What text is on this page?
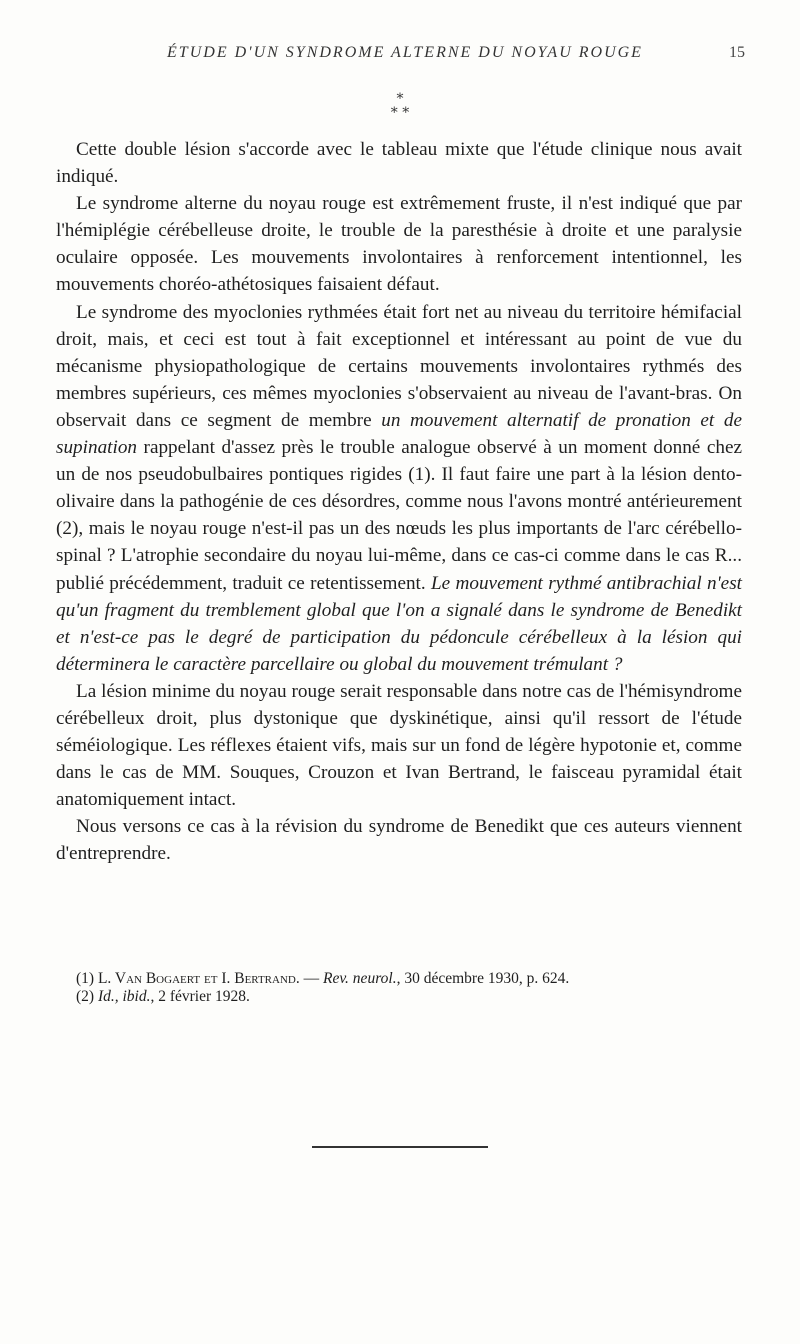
ÉTUDE D'UN SYNDROME ALTERNE DU NOYAU ROUGE	15
*
* *

Cette double lésion s'accorde avec le tableau mixte que l'étude clinique nous avait indiqué.

Le syndrome alterne du noyau rouge est extrêmement fruste, il n'est indiqué que par l'hémiplégie cérébelleuse droite, le trouble de la paresthésie à droite et une paralysie oculaire opposée. Les mouvements involontaires à renforcement intentionnel, les mouvements choréo-athétosiques faisaient défaut.

Le syndrome des myoclonies rythmées était fort net au niveau du territoire hémifacial droit, mais, et ceci est tout à fait exceptionnel et intéressant au point de vue du mécanisme physiopathologique de certains mouvements involontaires rythmés des membres supérieurs, ces mêmes myoclonies s'observaient au niveau de l'avant-bras. On observait dans ce segment de membre un mouvement alternatif de pronation et de supination rappelant d'assez près le trouble analogue observé à un moment donné chez un de nos pseudobulbaires pontiques rigides (1). Il faut faire une part à la lésion dento-olivaire dans la pathogénie de ces désordres, comme nous l'avons montré antérieurement (2), mais le noyau rouge n'est-il pas un des nœuds les plus importants de l'arc cérébello-spinal ? L'atrophie secondaire du noyau lui-même, dans ce cas-ci comme dans le cas R... publié précédemment, traduit ce retentissement. Le mouvement rythmé antibrachial n'est qu'un fragment du tremblement global que l'on a signalé dans le syndrome de Benedikt et n'est-ce pas le degré de participation du pédoncule cérébelleux à la lésion qui déterminera le caractère parcellaire ou global du mouvement trémulant ?

La lésion minime du noyau rouge serait responsable dans notre cas de l'hémisyndrome cérébelleux droit, plus dystonique que dyskinétique, ainsi qu'il ressort de l'étude séméiologique. Les réflexes étaient vifs, mais sur un fond de légère hypotonie et, comme dans le cas de MM. Souques, Crouzon et Ivan Bertrand, le faisceau pyramidal était anatomiquement intact.

Nous versons ce cas à la révision du syndrome de Benedikt que ces auteurs viennent d'entreprendre.

(1) L. Van Bogaert et I. Bertrand. — Rev. neurol., 30 décembre 1930, p. 624.
(2) Id., ibid., 2 février 1928.
